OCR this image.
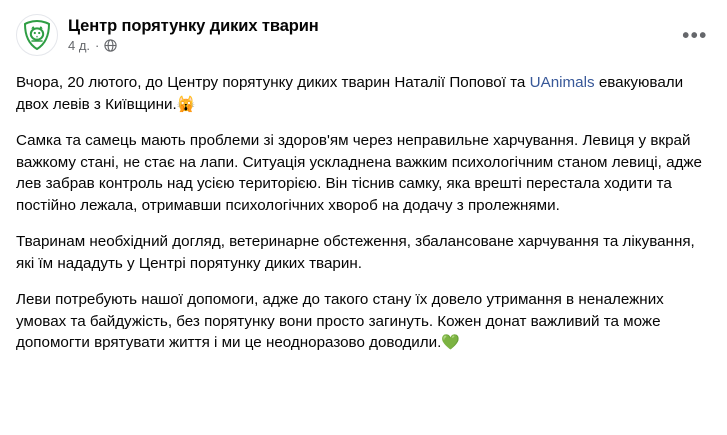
Центр порятунку диких тварин
4 д. ·	•••

Вчора, 20 лютого, до Центру порятунку диких тварин Наталії Попової та UAnimals евакуювали двох левів з Київщини.🙀

Самка та самець мають проблеми зі здоров'ям через неправильне харчування. Левиця у вкрай важкому стані, не стає на лапи. Ситуація ускладнена важким психологічним станом левиці, адже лев забрав контроль над усією територією. Він тіснив самку, яка врешті перестала ходити та постійно лежала, отримавши психологічних хвороб на додачу з пролежнями.

Тваринам необхідний догляд, ветеринарне обстеження, збалансоване харчування та лікування, які їм нададуть у Центрі порятунку диких тварин.

Леви потребують нашої допомоги, адже до такого стану їх довело утримання в неналежних умовах та байдужість, без порятунку вони просто загинуть. Кожен донат важливий та може допомогти врятувати життя і ми це неодноразово доводили.💚
